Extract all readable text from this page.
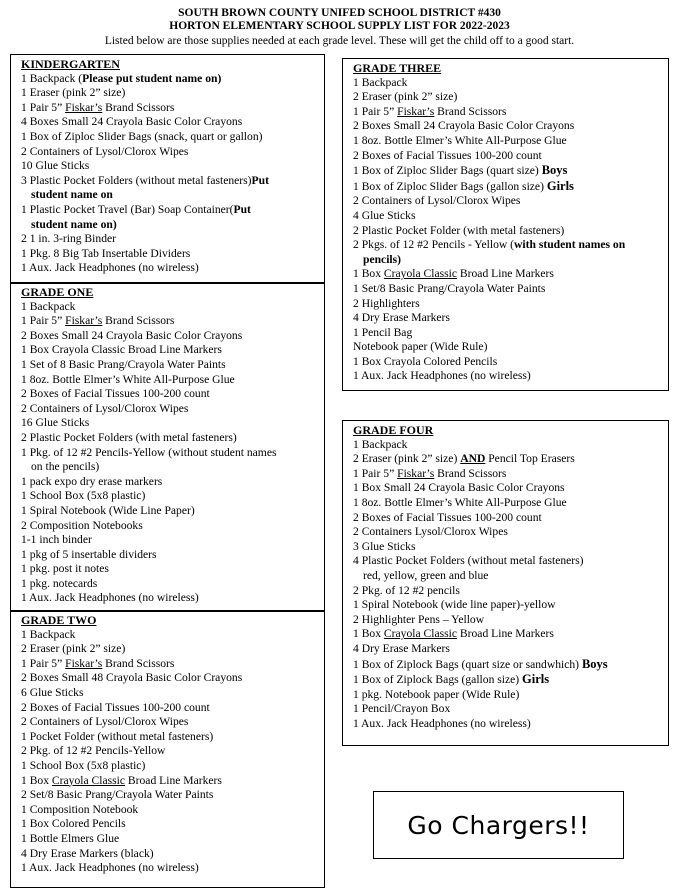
SOUTH BROWN COUNTY UNIFED SCHOOL DISTRICT #430
HORTON ELEMENTARY SCHOOL SUPPLY LIST FOR 2022-2023
Listed below are those supplies needed at each grade level. These will get the child off to a good start.
KINDERGARTEN
1 Backpack (Please put student name on)
1 Eraser (pink 2” size)
1 Pair 5” Fiskar’s Brand Scissors
4 Boxes Small 24 Crayola Basic Color Crayons
1 Box of Ziploc Slider Bags (snack, quart or gallon)
2 Containers of Lysol/Clorox Wipes
10 Glue Sticks
3 Plastic Pocket Folders (without metal fasteners)Put
student name on
1 Plastic Pocket Travel (Bar) Soap Container(Put
student name on)
2 1 in. 3-ring Binder
1 Pkg. 8 Big Tab Insertable Dividers
1 Aux. Jack Headphones (no wireless)
GRADE ONE
1 Backpack
1 Pair 5” Fiskar’s Brand Scissors
2 Boxes Small 24 Crayola Basic Color Crayons
1 Box Crayola Classic Broad Line Markers
1 Set of 8 Basic Prang/Crayola Water Paints
1 8oz. Bottle Elmer’s White All-Purpose Glue
2 Boxes of Facial Tissues 100-200 count
2 Containers of Lysol/Clorox Wipes
16 Glue Sticks
2 Plastic Pocket Folders (with metal fasteners)
1 Pkg. of 12 #2 Pencils-Yellow (without student names
on the pencils)
1 pack expo dry erase markers
1 School Box (5x8 plastic)
1 Spiral Notebook (Wide Line Paper)
2 Composition Notebooks
1-1 inch binder
1 pkg of 5 insertable dividers
1 pkg. post it notes
1 pkg. notecards
1 Aux. Jack Headphones (no wireless)
GRADE TWO
1 Backpack
2 Eraser (pink 2” size)
1 Pair 5” Fiskar’s Brand Scissors
2 Boxes Small 48 Crayola Basic Color Crayons
6 Glue Sticks
2 Boxes of Facial Tissues 100-200 count
2 Containers of Lysol/Clorox Wipes
1 Pocket Folder (without metal fasteners)
2 Pkg. of 12 #2 Pencils-Yellow
1 School Box (5x8 plastic)
1 Box Crayola Classic Broad Line Markers
2 Set/8 Basic Prang/Crayola Water Paints
1 Composition Notebook
1 Box Colored Pencils
1 Bottle Elmers Glue
4 Dry Erase Markers (black)
1 Aux. Jack Headphones (no wireless)
GRADE THREE
1 Backpack
2 Eraser (pink 2” size)
1 Pair 5” Fiskar’s Brand Scissors
2 Boxes Small 24 Crayola Basic Color Crayons
1 8oz. Bottle Elmer’s White All-Purpose Glue
2 Boxes of Facial Tissues 100-200 count
1 Box of Ziploc Slider Bags (quart size) Boys
1 Box of Ziploc Slider Bags (gallon size) Girls
2 Containers of Lysol/Clorox Wipes
4 Glue Sticks
2 Plastic Pocket Folder (with metal fasteners)
2 Pkgs. of 12 #2 Pencils - Yellow (with student names on
pencils)
1 Box Crayola Classic Broad Line Markers
1 Set/8 Basic Prang/Crayola Water Paints
2 Highlighters
4 Dry Erase Markers
1 Pencil Bag
Notebook paper (Wide Rule)
1 Box Crayola Colored Pencils
1 Aux. Jack Headphones (no wireless)
GRADE FOUR
1 Backpack
2 Eraser (pink 2” size) AND Pencil Top Erasers
1 Pair 5” Fiskar’s Brand Scissors
1 Box Small 24 Crayola Basic Color Crayons
1 8oz. Bottle Elmer’s White All-Purpose Glue
2 Boxes of Facial Tissues 100-200 count
2 Containers Lysol/Clorox Wipes
3 Glue Sticks
4 Plastic Pocket Folders (without metal fasteners)
red, yellow, green and blue
2 Pkg. of 12 #2 pencils
1 Spiral Notebook (wide line paper)-yellow
2 Highlighter Pens – Yellow
1 Box Crayola Classic Broad Line Markers
4 Dry Erase Markers
1 Box of Ziplock Bags (quart size or sandwhich) Boys
1 Box of Ziplock Bags (gallon size) Girls
1 pkg. Notebook paper (Wide Rule)
1 Pencil/Crayon Box
1 Aux. Jack Headphones (no wireless)
Go Chargers!!
